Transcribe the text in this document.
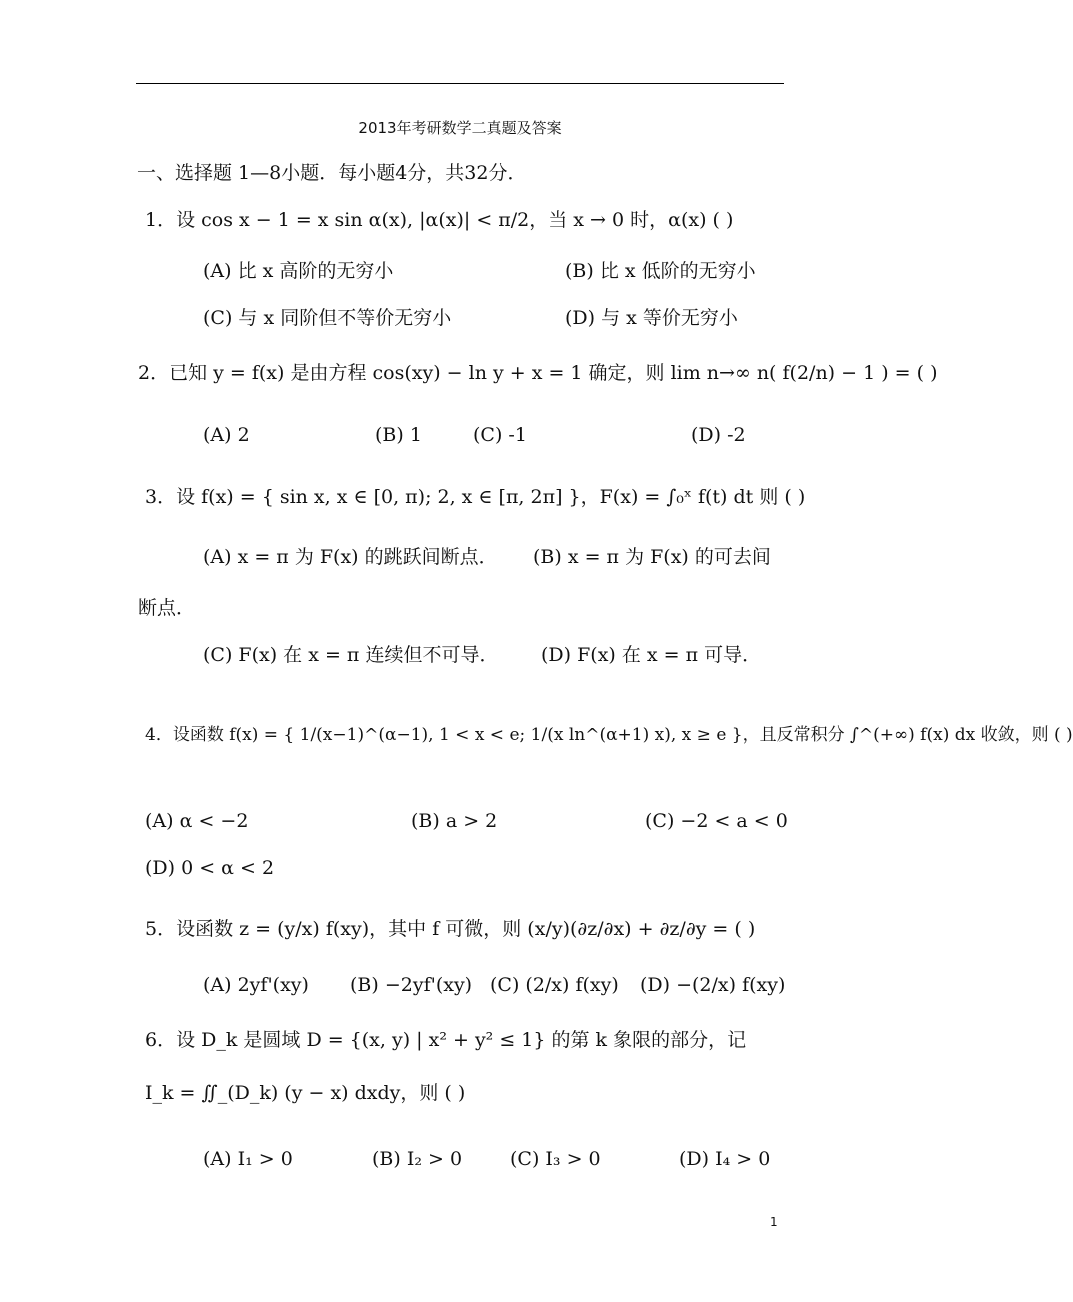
2013年考研数学二真题及答案
一、选择题 1—8小题．每小题4分，共32分．
1．设 cos x − 1 = x sin α(x), |α(x)| < π/2，当 x → 0 时，α(x) ( )
(A) 比 x 高阶的无穷小	(B) 比 x 低阶的无穷小
(C) 与 x 同阶但不等价无穷小	(D) 与 x 等价无穷小
2．已知 y = f(x) 是由方程 cos(xy) − ln y + x = 1 确定，则 lim n→∞ n( f(2/n) − 1 ) = ( )
(A) 2	(B) 1	(C) -1	(D) -2
3．设 f(x) = { sin x, x ∈ [0, π); 2, x ∈ [π, 2π] }，F(x) = ∫₀ˣ f(t) dt 则 ( )
(A) x = π 为 F(x) 的跳跃间断点． (B) x = π 为 F(x) 的可去间
断点．
(C) F(x) 在 x = π 连续但不可导． (D) F(x) 在 x = π 可导．
4．设函数 f(x) = { 1/(x−1)^(α−1), 1 < x < e; 1/(x ln^(α+1) x), x ≥ e }，且反常积分 ∫^(+∞) f(x) dx 收敛，则 ( )
(A) α < −2	(B) a > 2	(C) −2 < a < 0
(D) 0 < α < 2
5．设函数 z = (y/x) f(xy)，其中 f 可微，则 (x/y)(∂z/∂x) + ∂z/∂y = ( )
(A) 2yf'(xy) (B) −2yf'(xy) (C) (2/x) f(xy) (D) −(2/x) f(xy)
6．设 D_k 是圆域 D = {(x, y) | x² + y² ≤ 1} 的第 k 象限的部分，记
I_k = ∬_(D_k) (y − x) dxdy，则 ( )
(A) I₁ > 0	(B) I₂ > 0	(C) I₃ > 0	(D) I₄ > 0
1
